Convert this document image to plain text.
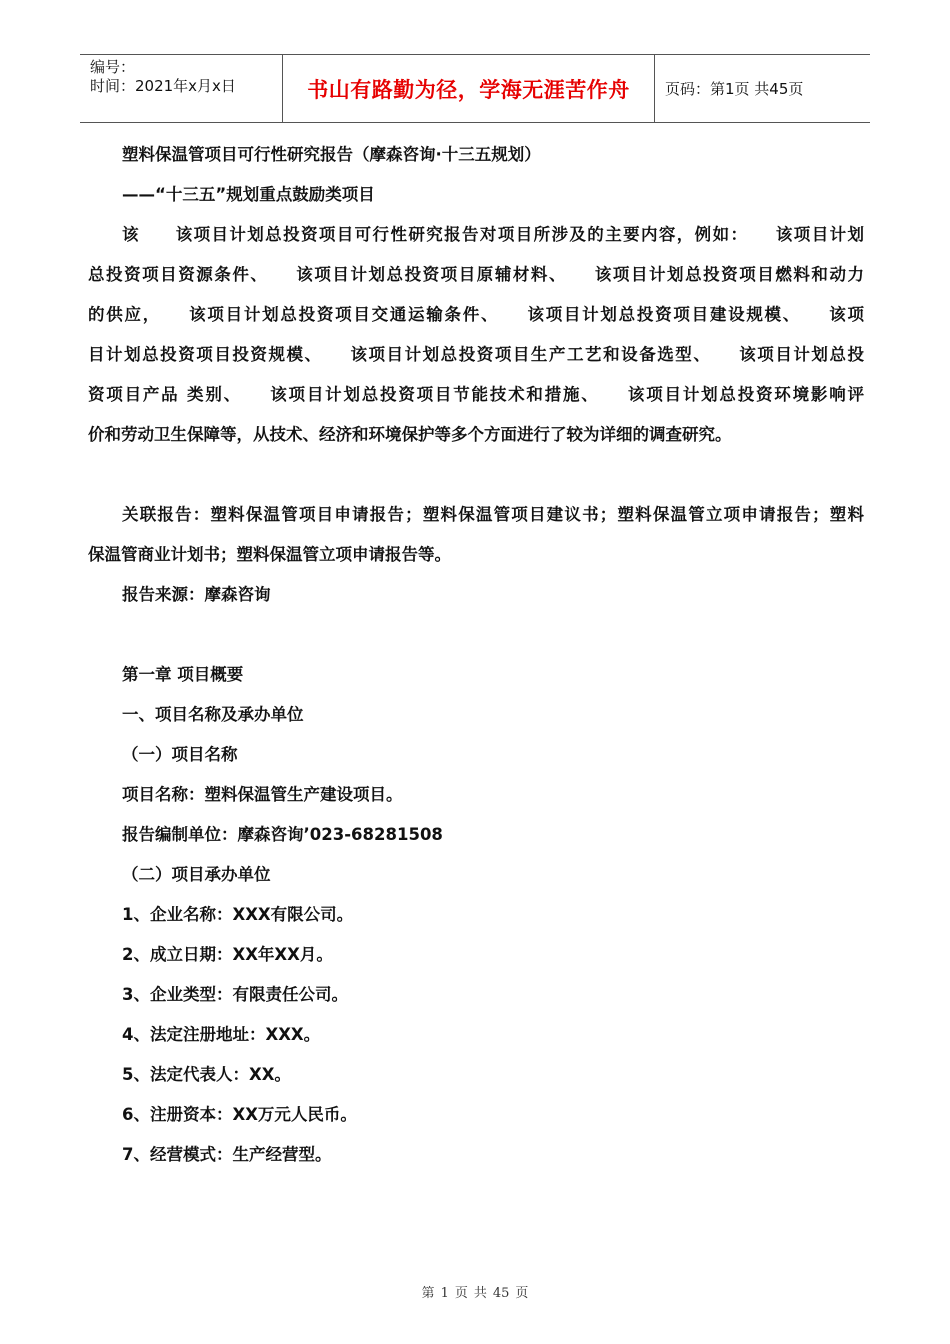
编号：
时间：2021年x月x日	书山有路勤为径，学海无涯苦作舟	页码：第1页 共45页
塑料保温管项目可行性研究报告（摩森咨询·十三五规划）
——“十三五”规划重点鼓励类项目
该　　该项目计划总投资项目可行性研究报告对项目所涉及的主要内容，例如：　　该项目计划
总投资项目资源条件、　　该项目计划总投资项目原辅材料、　　该项目计划总投资项目燃料和动力
的供应，　　该项目计划总投资项目交通运输条件、　　该项目计划总投资项目建设规模、　　该项
目计划总投资项目投资规模、　　该项目计划总投资项目生产工艺和设备选型、　　该项目计划总投
资项目产品 类别、　　该项目计划总投资项目节能技术和措施、　　该项目计划总投资环境影响评
价和劳动卫生保障等，从技术、经济和环境保护等多个方面进行了较为详细的调查研究。
关联报告：塑料保温管项目申请报告；塑料保温管项目建议书；塑料保温管立项申请报告；塑料
保温管商业计划书；塑料保温管立项申请报告等。
报告来源：摩森咨询
第一章 项目概要
一、项目名称及承办单位
（一）项目名称
项目名称：塑料保温管生产建设项目。
报告编制单位：摩森咨询’023-68281508
（二）项目承办单位
1、企业名称：XXX有限公司。
2、成立日期：XX年XX月。
3、企业类型：有限责任公司。
4、法定注册地址：XXX。
5、法定代表人：XX。
6、注册资本：XX万元人民币。
7、经营模式：生产经营型。
第 1 页 共 45 页
